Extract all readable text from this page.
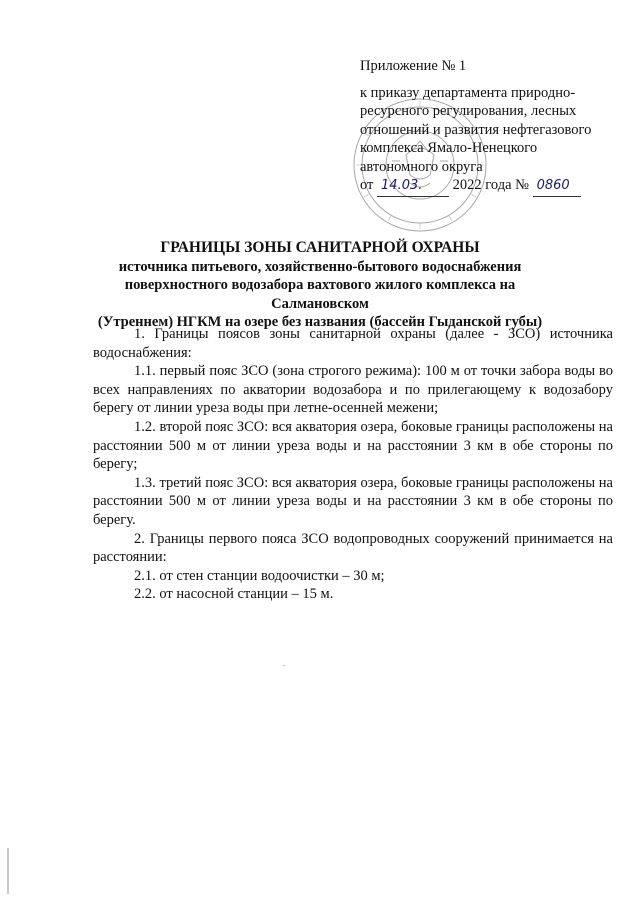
Приложение № 1
к приказу департамента природно-
ресурсного регулирования, лесных
отношений и развития нефтегазового
комплекса Ямало-Ненецкого
автономного округа
от 14.03. 2022 года № 0860
ГРАНИЦЫ ЗОНЫ САНИТАРНОЙ ОХРАНЫ
источника питьевого, хозяйственно-бытового водоснабжения
поверхностного водозабора вахтового жилого комплекса на Салмановском
(Утреннем) НГКМ на озере без названия (бассейн Гыданской губы)

1. Границы поясов зоны санитарной охраны (далее - ЗСО) источника водоснабжения:

1.1. первый пояс ЗСО (зона строгого режима): 100 м от точки забора воды во всех направлениях по акватории водозабора и по прилегающему к водозабору берегу от линии уреза воды при летне-осенней межени;

1.2. второй пояс ЗСО: вся акватория озера, боковые границы расположены на расстоянии 500 м от линии уреза воды и на расстоянии 3 км в обе стороны по берегу;

1.3. третий пояс ЗСО: вся акватория озера, боковые границы расположены на расстоянии 500 м от линии уреза воды и на расстоянии 3 км в обе стороны по берегу.

2. Границы первого пояса ЗСО водопроводных сооружений принимается на расстоянии:

2.1. от стен станции водоочистки – 30 м;

2.2. от насосной станции – 15 м.
